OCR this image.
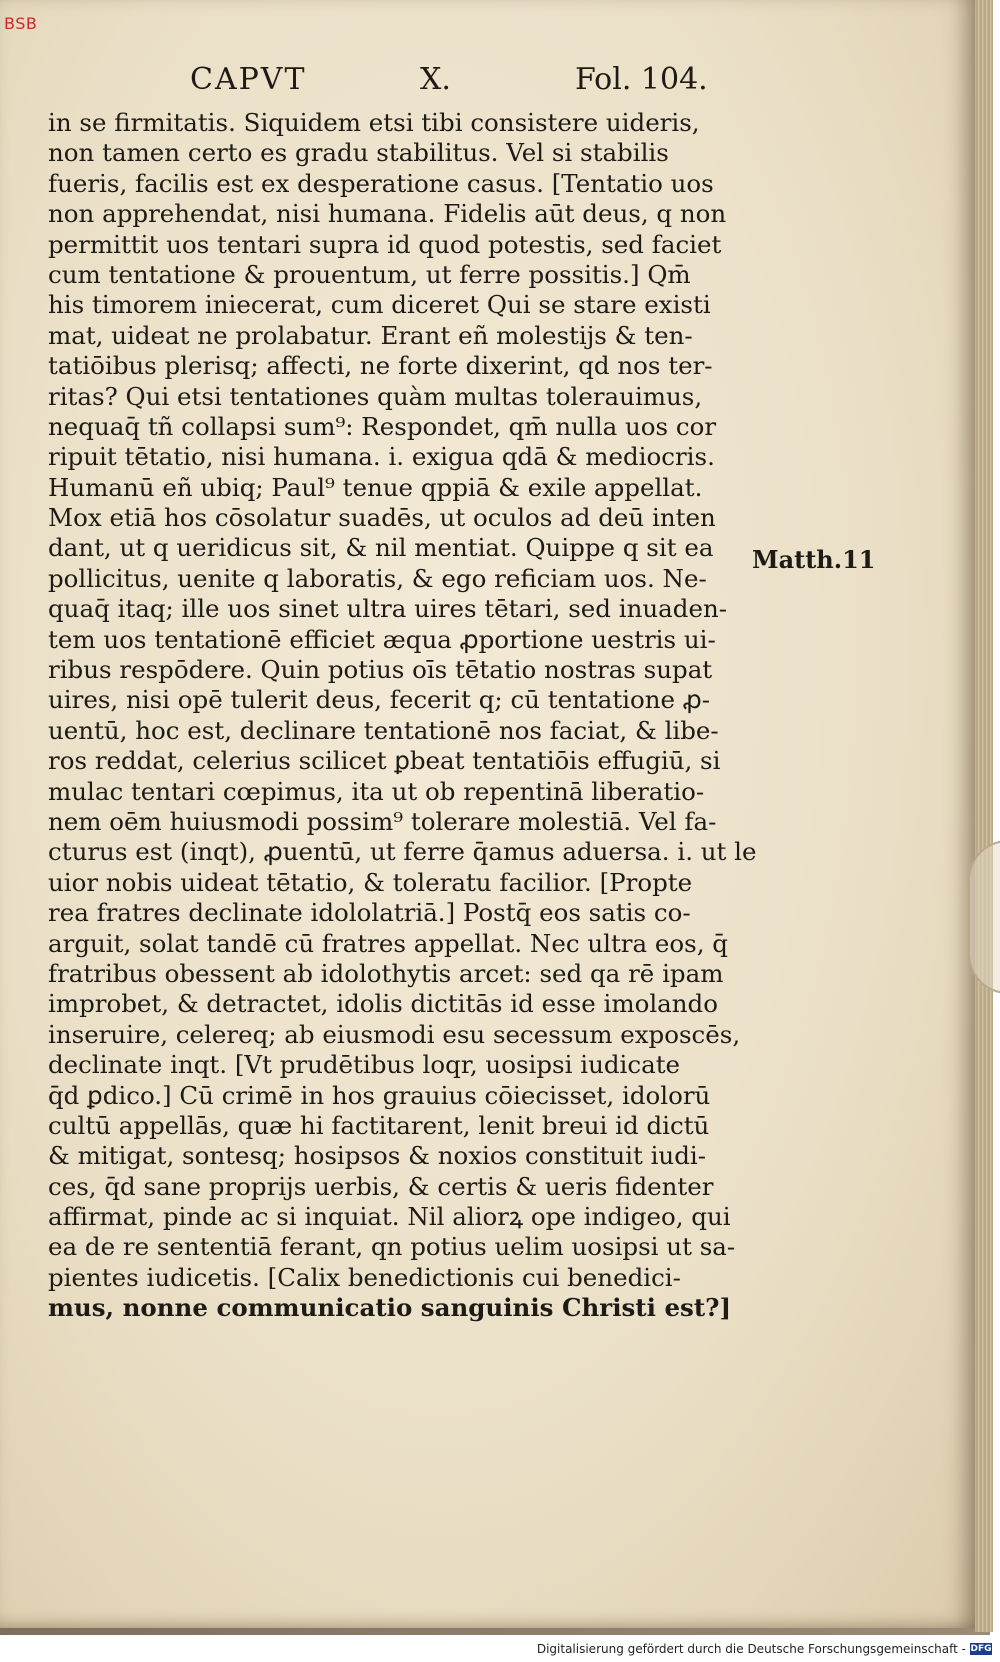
BSB
CAPVT	X.	Fol. 104.
in se firmitatis. Siquidem etsi tibi consistere uideris,
non tamen certo es gradu stabilitus. Vel si stabilis
fueris, facilis est ex desperatione casus. [Tentatio uos
non apprehendat, nisi humana. Fidelis aūt deus, q non
permittit uos tentari supra id quod potestis, sed faciet
cum tentatione & prouentum, ut ferre possitis.] Qm̄
his timorem iniecerat, cum diceret Qui se stare existi
mat, uideat ne prolabatur. Erant eñ molestijs & ten-
tatiōibus plerisq; affecti, ne forte dixerint, qd nos ter-
ritas? Qui etsi tentationes quàm multas tolerauimus,
nequaq̄ tñ collapsi sum⁹: Respondet, qm̄ nulla uos cor
ripuit tētatio, nisi humana. i. exigua qdā & mediocris.
Humanū eñ ubiq; Paul⁹ tenue qppiā & exile appellat.
Mox etiā hos cōsolatur suadēs, ut oculos ad deū inten
dant, ut q ueridicus sit, & nil mentiat. Quippe q sit ea
pollicitus, uenite q laboratis, & ego reficiam uos. Ne-
quaq̄ itaq; ille uos sinet ultra uires tētari, sed inuaden-
tem uos tentationē efficiet æqua ꝓportione uestris ui-
ribus respōdere. Quin potius oīs tētatio nostras supat
uires, nisi opē tulerit deus, fecerit q; cū tentatione ꝓ-
uentū, hoc est, declinare tentationē nos faciat, & libe-
ros reddat, celerius scilicet ꝑbeat tentatiōis effugiū, si
mulac tentari cœpimus, ita ut ob repentinā liberatio-
nem oēm huiusmodi possim⁹ tolerare molestiā. Vel fa-
cturus est (inqt), ꝓuentū, ut ferre q̄amus aduersa. i. ut le
uior nobis uideat tētatio, & toleratu facilior. [Propte
rea fratres declinate idololatriā.] Postq̄ eos satis co-
arguit, solat tandē cū fratres appellat. Nec ultra eos, q̄
fratribus obessent ab idolothytis arcet: sed qa rē ipam
improbet, & detractet, idolis dictitās id esse imolando
inseruire, celereq; ab eiusmodi esu secessum exposcēs,
declinate inqt. [Vt prudētibus loqr, uosipsi iudicate
q̄d ꝑdico.] Cū crimē in hos grauius cōiecisset, idolorū
cultū appellās, quæ hi factitarent, lenit breui id dictū
& mitigat, sontesq; hosipsos & noxios constituit iudi-
ces, q̄d sane proprijs uerbis, & certis & ueris fidenter
affirmat, pinde ac si inquiat. Nil aliorꝝ ope indigeo, qui
ea de re sententiā ferant, qn potius uelim uosipsi ut sa-
pientes iudicetis. [Calix benedictionis cui benedici-
mus, nonne communicatio sanguinis Christi est?]
Matth.11
Digitalisierung gefördert durch die Deutsche Forschungsgemeinschaft - DFG
